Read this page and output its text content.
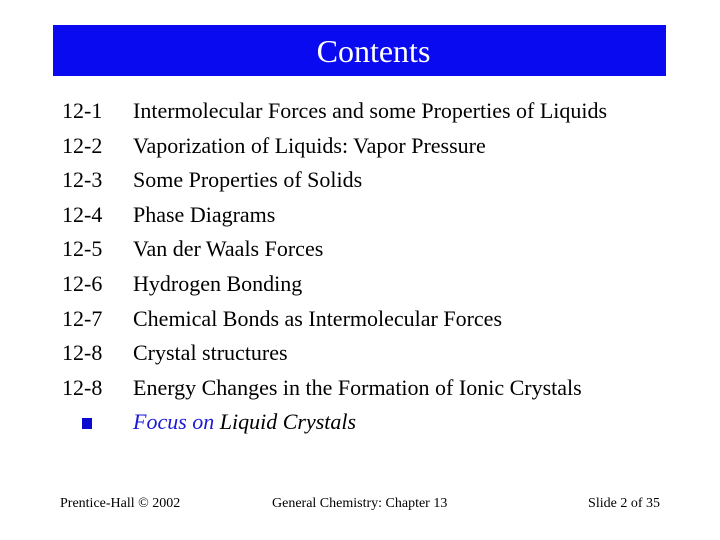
Contents
12-1 Intermolecular Forces and some Properties of Liquids
12-2 Vaporization of Liquids: Vapor Pressure
12-3 Some Properties of Solids
12-4 Phase Diagrams
12-5 Van der Waals Forces
12-6 Hydrogen Bonding
12-7 Chemical Bonds as Intermolecular Forces
12-8 Crystal structures
12-8 Energy Changes in the Formation of Ionic Crystals
Focus on Liquid Crystals
Prentice-Hall © 2002	General Chemistry: Chapter 13	Slide 2 of 35
